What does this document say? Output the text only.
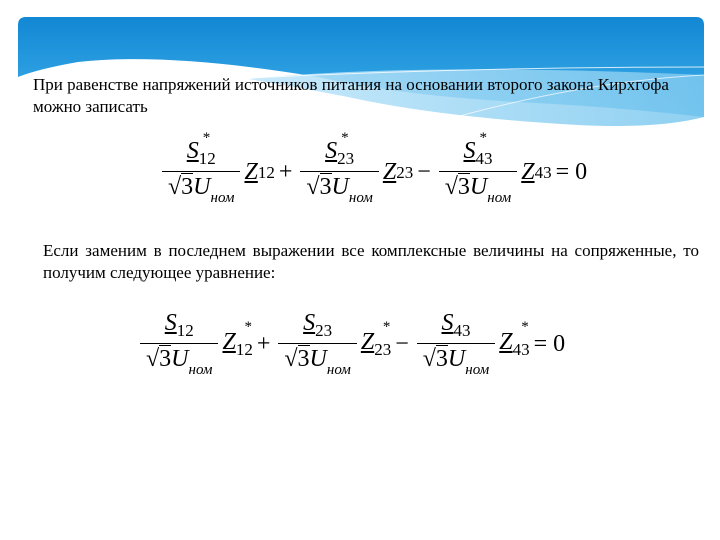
При равенстве напряжений источников питания на основании второго закона Кирхгофа можно записать
$S_{12}$
*
$√3U_{ном}$ Z $12 + S_{23}$
*
$√3U_{ном}$ Z $23 - S_{43}$
*
$√3U_{ном}$ Z 43 = 0
Если заменим в последнем выражении все комплексные величины на сопряженные, то получим следующее уравнение:
$\frac{S_{12}}{√3U_{ном}} Z_{12}$
*
+ $\frac{S_{23}}{√3U_{ном}} Z_{23}$
*
− $\frac{S_{43}}{√3U_{ном}} Z_{43}$
*
= 0
